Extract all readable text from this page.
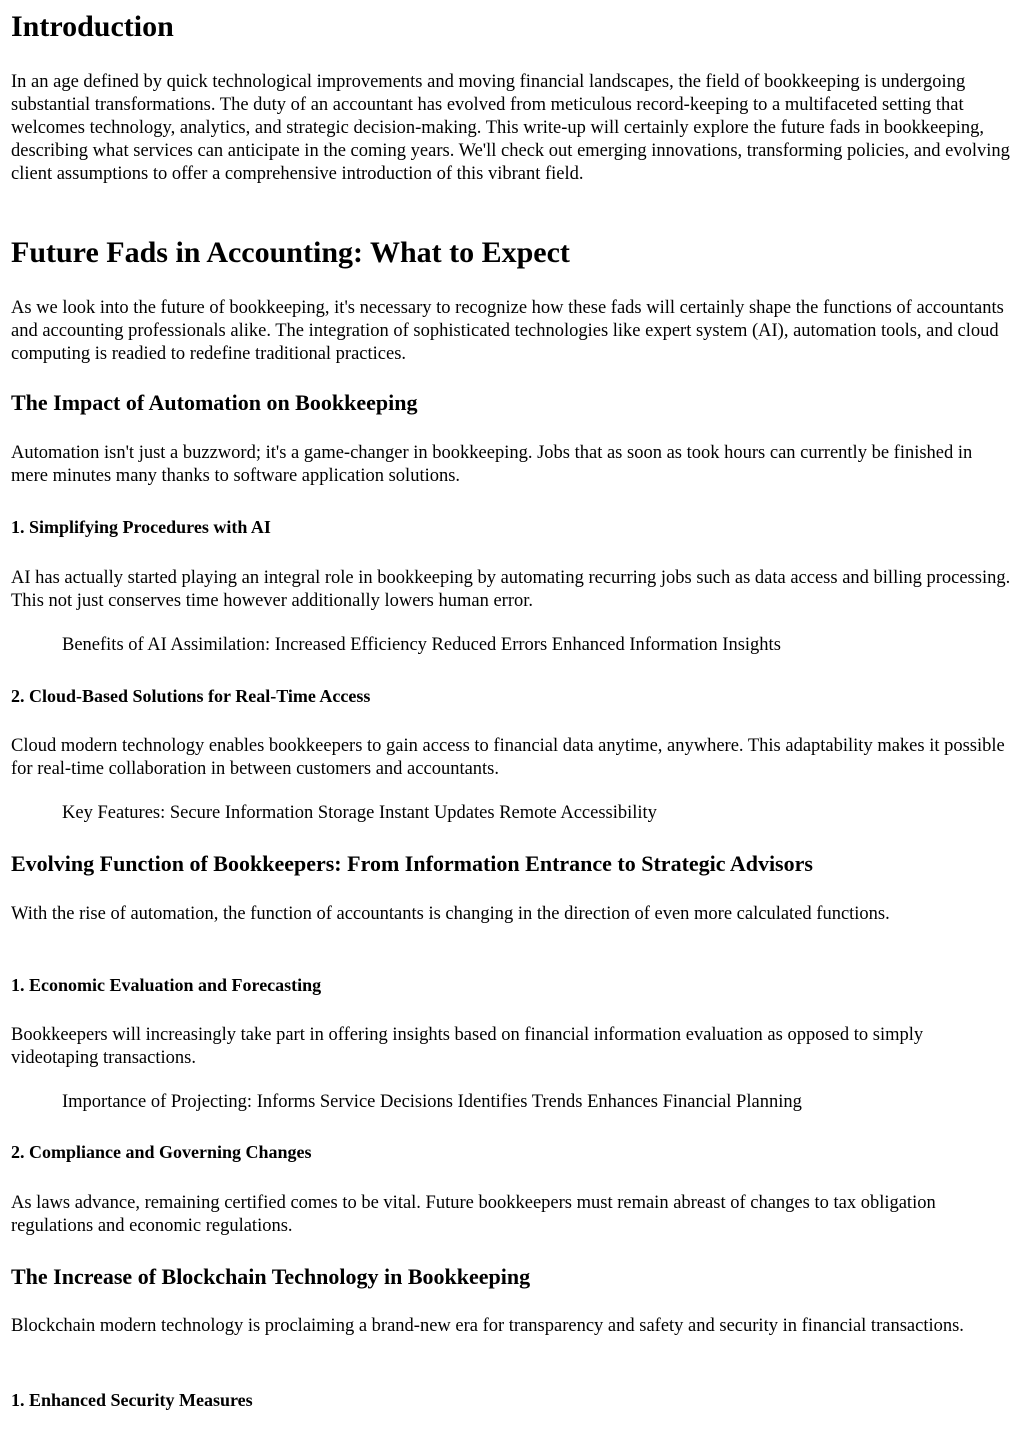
Introduction

In an age defined by quick technological improvements and moving financial landscapes, the field of bookkeeping is undergoing substantial transformations. The duty of an accountant has evolved from meticulous record-keeping to a multifaceted setting that welcomes technology, analytics, and strategic decision-making. This write-up will certainly explore the future fads in bookkeeping, describing what services can anticipate in the coming years. We'll check out emerging innovations, transforming policies, and evolving client assumptions to offer a comprehensive introduction of this vibrant field.

Future Fads in Accounting: What to Expect

As we look into the future of bookkeeping, it's necessary to recognize how these fads will certainly shape the functions of accountants and accounting professionals alike. The integration of sophisticated technologies like expert system (AI), automation tools, and cloud computing is readied to redefine traditional practices.

The Impact of Automation on Bookkeeping

Automation isn't just a buzzword; it's a game-changer in bookkeeping. Jobs that as soon as took hours can currently be finished in mere minutes many thanks to software application solutions.

1. Simplifying Procedures with AI

AI has actually started playing an integral role in bookkeeping by automating recurring jobs such as data access and billing processing. This not just conserves time however additionally lowers human error.

Benefits of AI Assimilation: Increased Efficiency Reduced Errors Enhanced Information Insights

2. Cloud-Based Solutions for Real-Time Access

Cloud modern technology enables bookkeepers to gain access to financial data anytime, anywhere. This adaptability makes it possible for real-time collaboration in between customers and accountants.

Key Features: Secure Information Storage Instant Updates Remote Accessibility

Evolving Function of Bookkeepers: From Information Entrance to Strategic Advisors

With the rise of automation, the function of accountants is changing in the direction of even more calculated functions.

1. Economic Evaluation and Forecasting

Bookkeepers will increasingly take part in offering insights based on financial information evaluation as opposed to simply videotaping transactions.

Importance of Projecting: Informs Service Decisions Identifies Trends Enhances Financial Planning

2. Compliance and Governing Changes

As laws advance, remaining certified comes to be vital. Future bookkeepers must remain abreast of changes to tax obligation regulations and economic regulations.

The Increase of Blockchain Technology in Bookkeeping

Blockchain modern technology is proclaiming a brand-new era for transparency and safety and security in financial transactions.

1. Enhanced Security Measures
